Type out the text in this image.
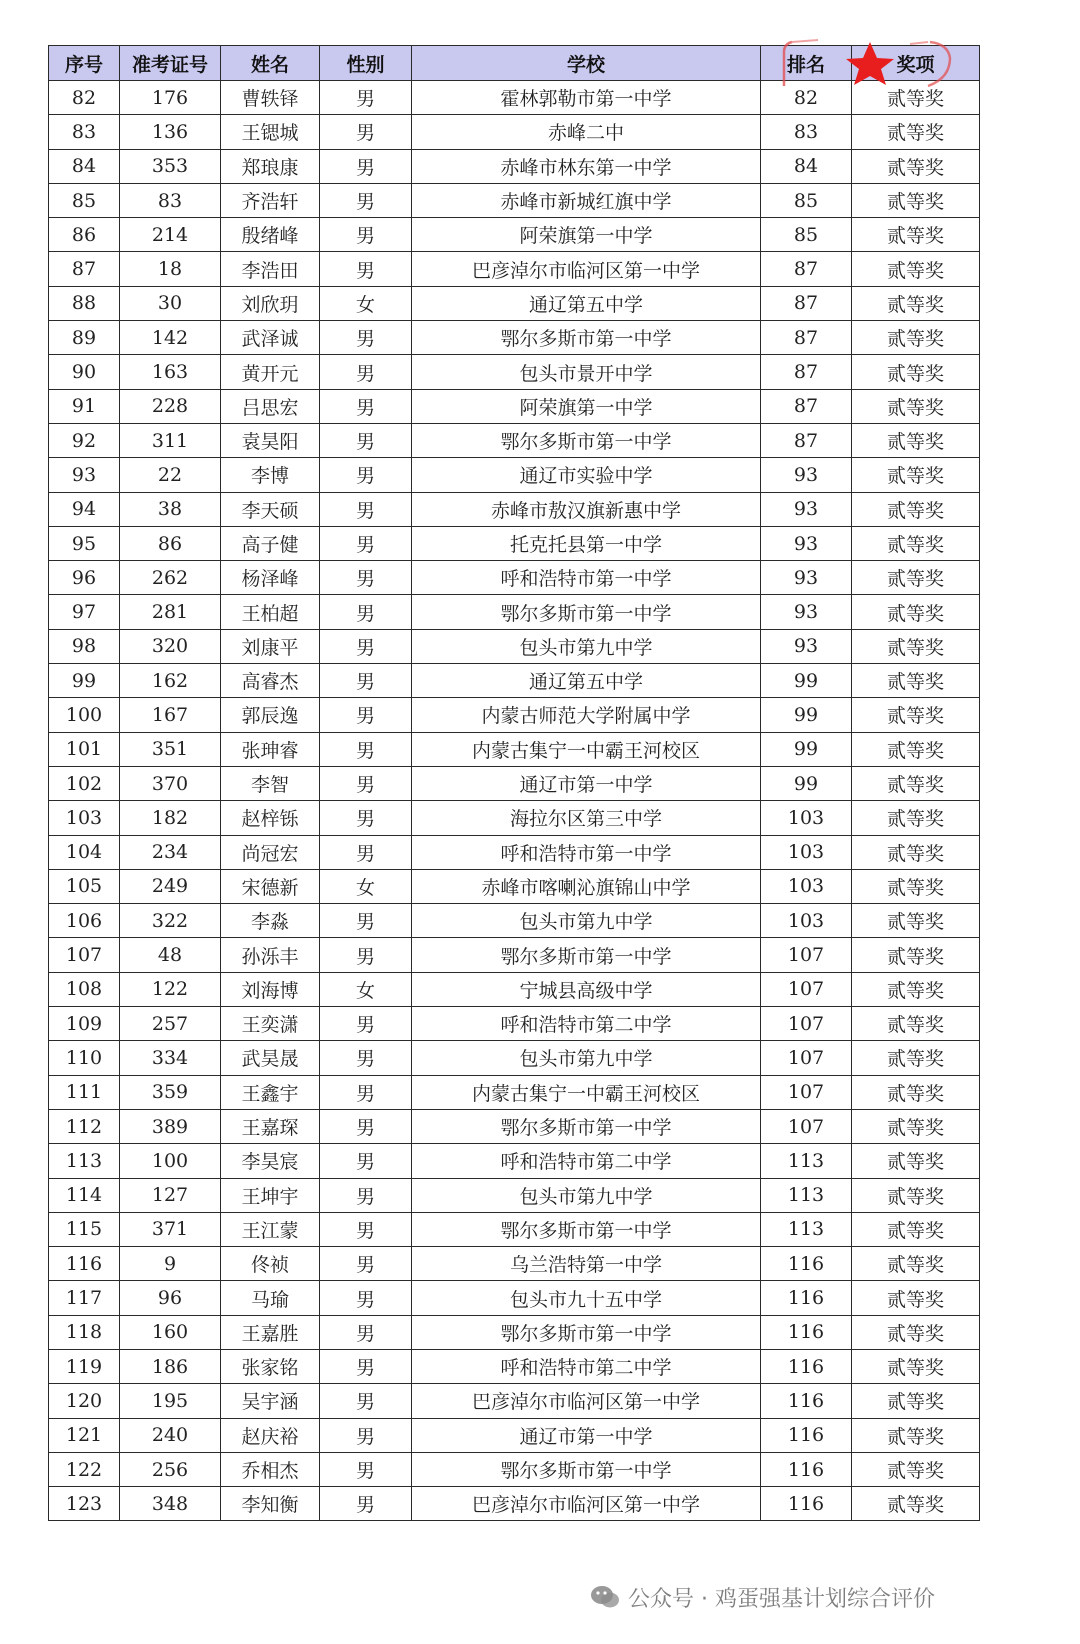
序号	准考证号	姓名	性别	学校	排名	奖项
82	176	曹轶铎	男	霍林郭勒市第一中学	82	贰等奖
83	136	王锶城	男	赤峰二中	83	贰等奖
84	353	郑琅康	男	赤峰市林东第一中学	84	贰等奖
85	83	齐浩轩	男	赤峰市新城红旗中学	85	贰等奖
86	214	殷绪峰	男	阿荣旗第一中学	85	贰等奖
87	18	李浩田	男	巴彦淖尔市临河区第一中学	87	贰等奖
88	30	刘欣玥	女	通辽第五中学	87	贰等奖
89	142	武泽诚	男	鄂尔多斯市第一中学	87	贰等奖
90	163	黄开元	男	包头市景开中学	87	贰等奖
91	228	吕思宏	男	阿荣旗第一中学	87	贰等奖
92	311	袁昊阳	男	鄂尔多斯市第一中学	87	贰等奖
93	22	李博	男	通辽市实验中学	93	贰等奖
94	38	李天硕	男	赤峰市敖汉旗新惠中学	93	贰等奖
95	86	高子健	男	托克托县第一中学	93	贰等奖
96	262	杨泽峰	男	呼和浩特市第一中学	93	贰等奖
97	281	王柏超	男	鄂尔多斯市第一中学	93	贰等奖
98	320	刘康平	男	包头市第九中学	93	贰等奖
99	162	高睿杰	男	通辽第五中学	99	贰等奖
100	167	郭辰逸	男	内蒙古师范大学附属中学	99	贰等奖
101	351	张珅睿	男	内蒙古集宁一中霸王河校区	99	贰等奖
102	370	李智	男	通辽市第一中学	99	贰等奖
103	182	赵梓铄	男	海拉尔区第三中学	103	贰等奖
104	234	尚冠宏	男	呼和浩特市第一中学	103	贰等奖
105	249	宋德新	女	赤峰市喀喇沁旗锦山中学	103	贰等奖
106	322	李淼	男	包头市第九中学	103	贰等奖
107	48	孙泺丰	男	鄂尔多斯市第一中学	107	贰等奖
108	122	刘海博	女	宁城县高级中学	107	贰等奖
109	257	王奕潇	男	呼和浩特市第二中学	107	贰等奖
110	334	武昊晟	男	包头市第九中学	107	贰等奖
111	359	王鑫宇	男	内蒙古集宁一中霸王河校区	107	贰等奖
112	389	王嘉琛	男	鄂尔多斯市第一中学	107	贰等奖
113	100	李昊宸	男	呼和浩特市第二中学	113	贰等奖
114	127	王坤宇	男	包头市第九中学	113	贰等奖
115	371	王江蒙	男	鄂尔多斯市第一中学	113	贰等奖
116	9	佟祯	男	乌兰浩特第一中学	116	贰等奖
117	96	马瑜	男	包头市九十五中学	116	贰等奖
118	160	王嘉胜	男	鄂尔多斯市第一中学	116	贰等奖
119	186	张家铭	男	呼和浩特市第二中学	116	贰等奖
120	195	吴宇涵	男	巴彦淖尔市临河区第一中学	116	贰等奖
121	240	赵庆裕	男	通辽市第一中学	116	贰等奖
122	256	乔相杰	男	鄂尔多斯市第一中学	116	贰等奖
123	348	李知衡	男	巴彦淖尔市临河区第一中学	116	贰等奖
公众号 · 鸡蛋强基计划综合评价
